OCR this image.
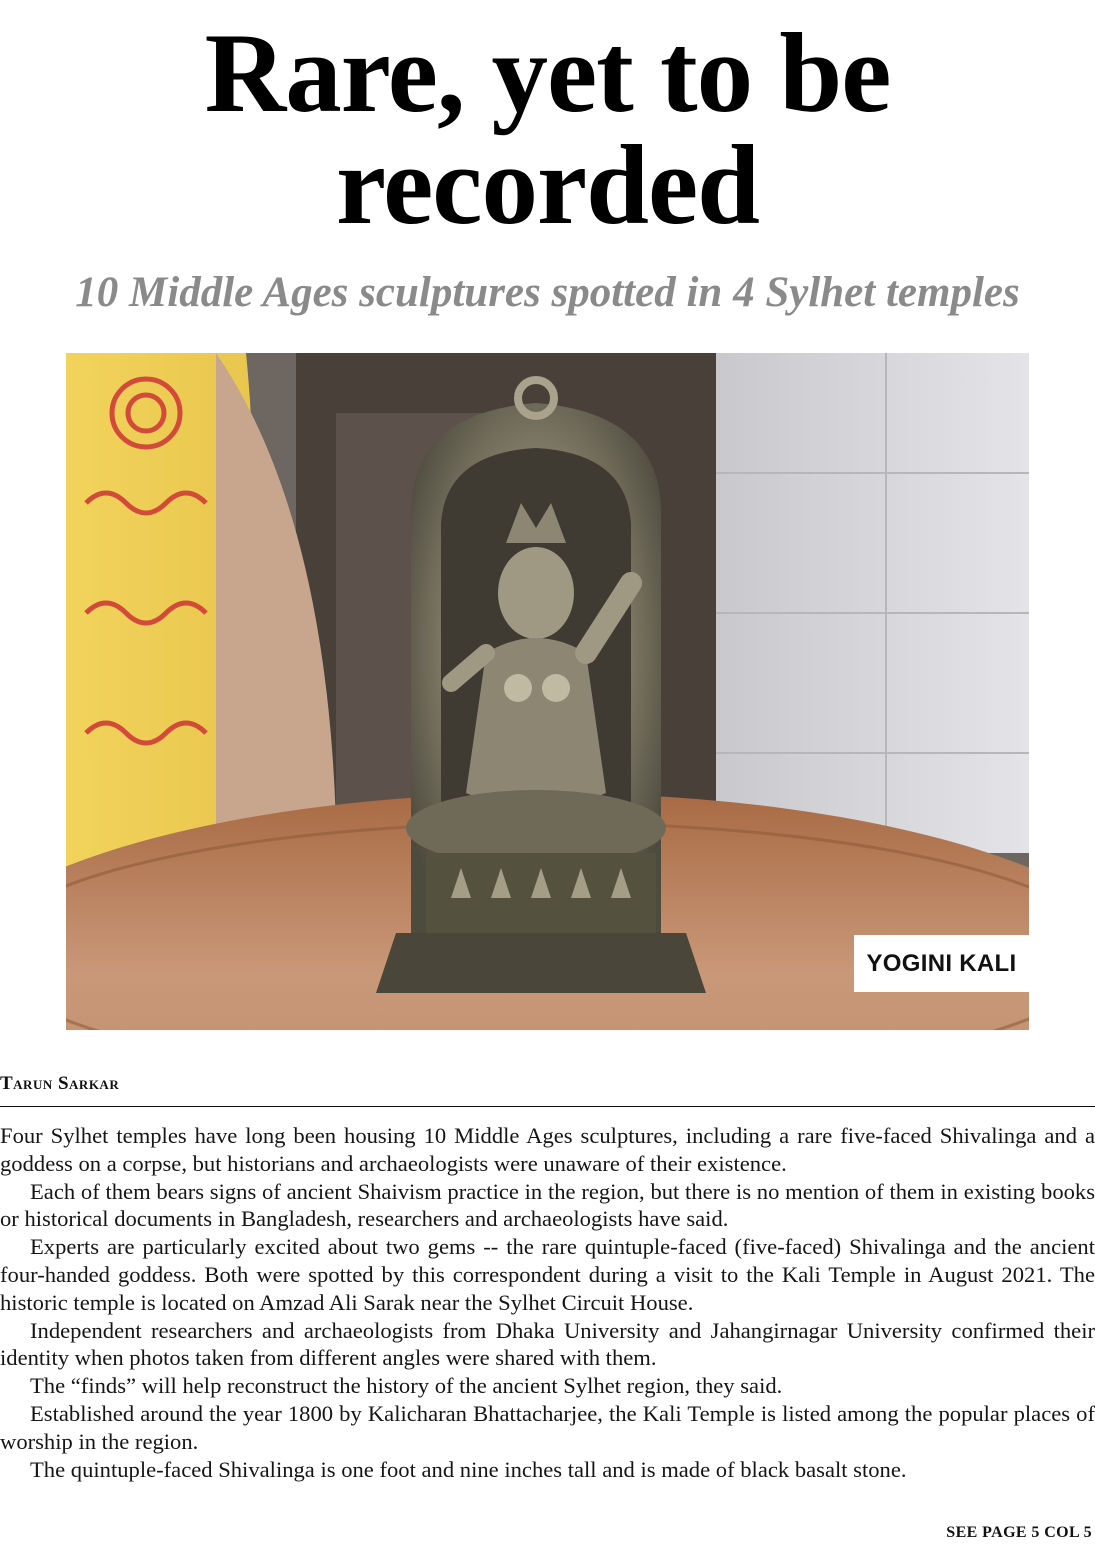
Rare, yet to be
recorded
10 Middle Ages sculptures spotted in 4 Sylhet temples
YOGINI KALI
Tarun Sarkar

Four Sylhet temples have long been housing 10 Middle Ages sculptures, including a rare five-faced Shivalinga and a goddess on a corpse, but historians and archaeologists were unaware of their existence.

Each of them bears signs of ancient Shaivism practice in the region, but there is no mention of them in existing books or historical documents in Bangladesh, researchers and archaeologists have said.

Experts are particularly excited about two gems -- the rare quintuple-faced (five-faced) Shivalinga and the ancient four-handed goddess. Both were spotted by this correspondent during a visit to the Kali Temple in August 2021. The historic temple is located on Amzad Ali Sarak near the Sylhet Circuit House.

Independent researchers and archaeologists from Dhaka University and Jahangirnagar University confirmed their identity when photos taken from different angles were shared with them.

The “finds” will help reconstruct the history of the ancient Sylhet region, they said.

Established around the year 1800 by Kalicharan Bhattacharjee, the Kali Temple is listed among the popular places of worship in the region.

The quintuple-faced Shivalinga is one foot and nine inches tall and is made of black basalt stone.

SEE PAGE 5 COL 5
